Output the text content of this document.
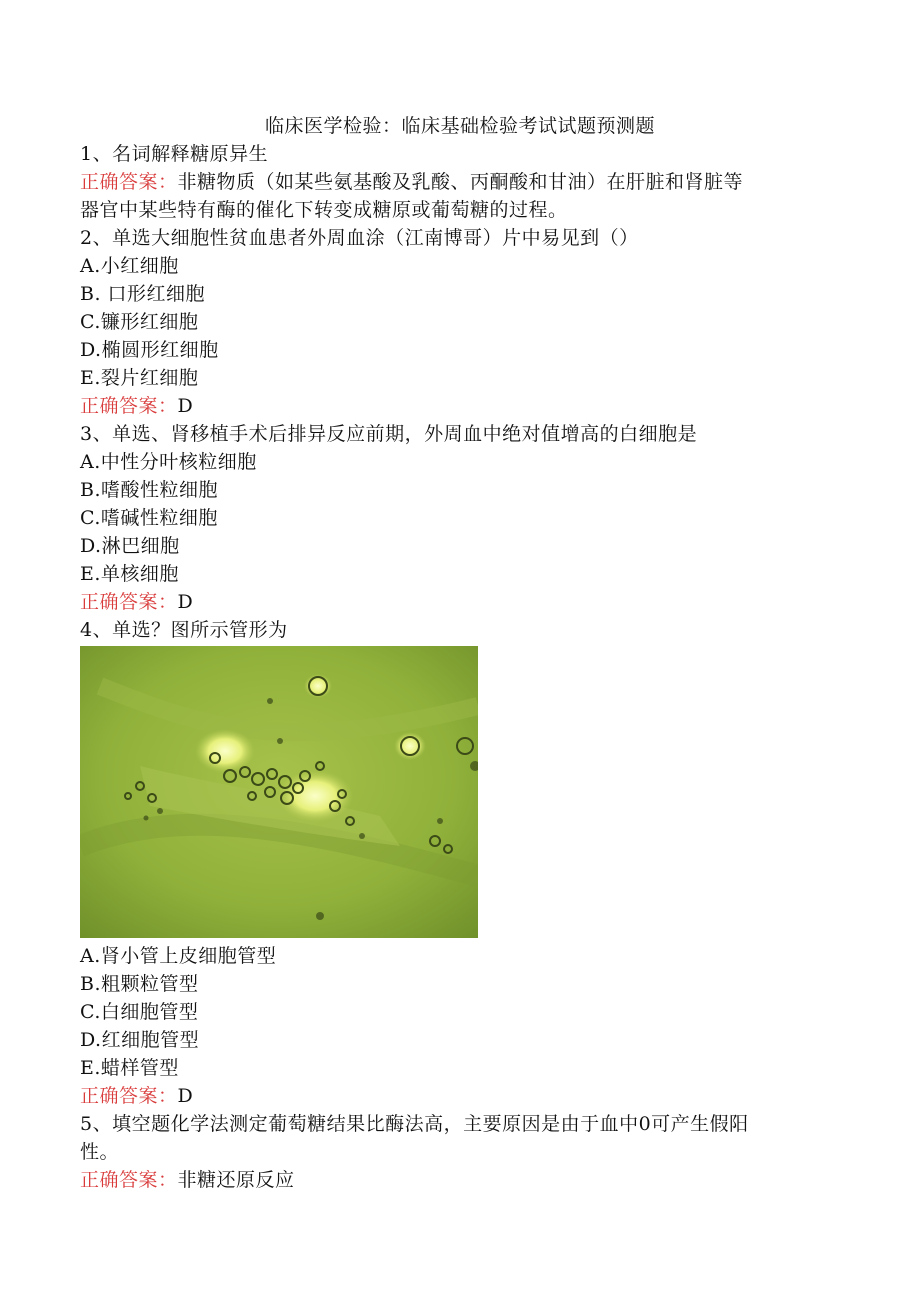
临床医学检验：临床基础检验考试试题预测题

1、名词解释糖原异生

正确答案：非糖物质（如某些氨基酸及乳酸、丙酮酸和甘油）在肝脏和肾脏等

器官中某些特有酶的催化下转变成糖原或葡萄糖的过程。

2、单选大细胞性贫血患者外周血涂（江南博哥）片中易见到（）

A.小红细胞

B. 口形红细胞

C.镰形红细胞

D.椭圆形红细胞

E.裂片红细胞

正确答案：D

3、单选、肾移植手术后排异反应前期，外周血中绝对值增高的白细胞是

A.中性分叶核粒细胞

B.嗜酸性粒细胞

C.嗜碱性粒细胞

D.淋巴细胞

E.单核细胞

正确答案：D

4、单选？图所示管形为

A.肾小管上皮细胞管型

B.粗颗粒管型

C.白细胞管型

D.红细胞管型

E.蜡样管型

正确答案：D

5、填空题化学法测定葡萄糖结果比酶法高，主要原因是由于血中0可产生假阳

性。

正确答案：非糖还原反应
